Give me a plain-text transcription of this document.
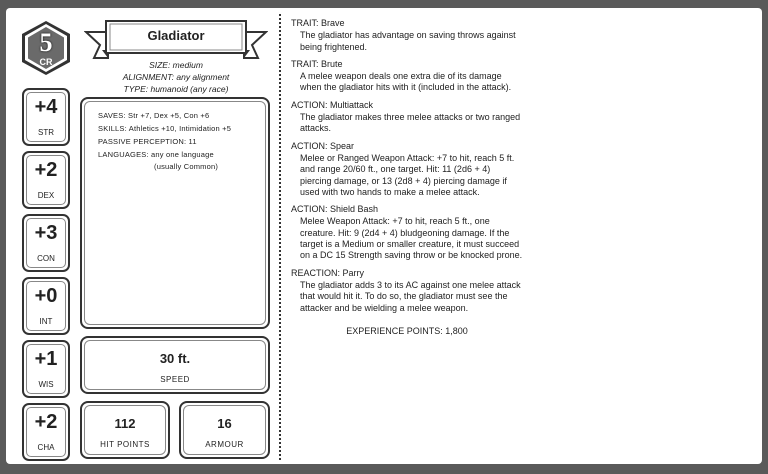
5
CR
Gladiator
SIZE: medium
ALIGNMENT: any alignment
TYPE: humanoid (any race)
+4
STR
+2
DEX
+3
CON
+0
INT
+1
WIS
+2
CHA
SAVES: Str +7, Dex +5, Con +6
SKILLS: Athletics +10, Intimidation +5
PASSIVE PERCEPTION: 11
LANGUAGES: any one language
(usually Common)
30 ft.
SPEED
112
HIT POINTS
16
ARMOUR
TRAIT: Brave
The gladiator has advantage on saving throws against being frightened.
TRAIT: Brute
A melee weapon deals one extra die of its damage when the gladiator hits with it (included in the attack).
ACTION: Multiattack
The gladiator makes three melee attacks or two ranged attacks.
ACTION: Spear
Melee or Ranged Weapon Attack: +7 to hit, reach 5 ft. and range 20/60 ft., one target. Hit: 11 (2d6 + 4) piercing damage, or 13 (2d8 + 4) piercing damage if used with two hands to make a melee attack.
ACTION: Shield Bash
Melee Weapon Attack: +7 to hit, reach 5 ft., one creature. Hit: 9 (2d4 + 4) bludgeoning damage. If the target is a Medium or smaller creature, it must succeed on a DC 15 Strength saving throw or be knocked prone.
REACTION: Parry
The gladiator adds 3 to its AC against one melee attack that would hit it. To do so, the gladiator must see the attacker and be wielding a melee weapon.
EXPERIENCE POINTS: 1,800
